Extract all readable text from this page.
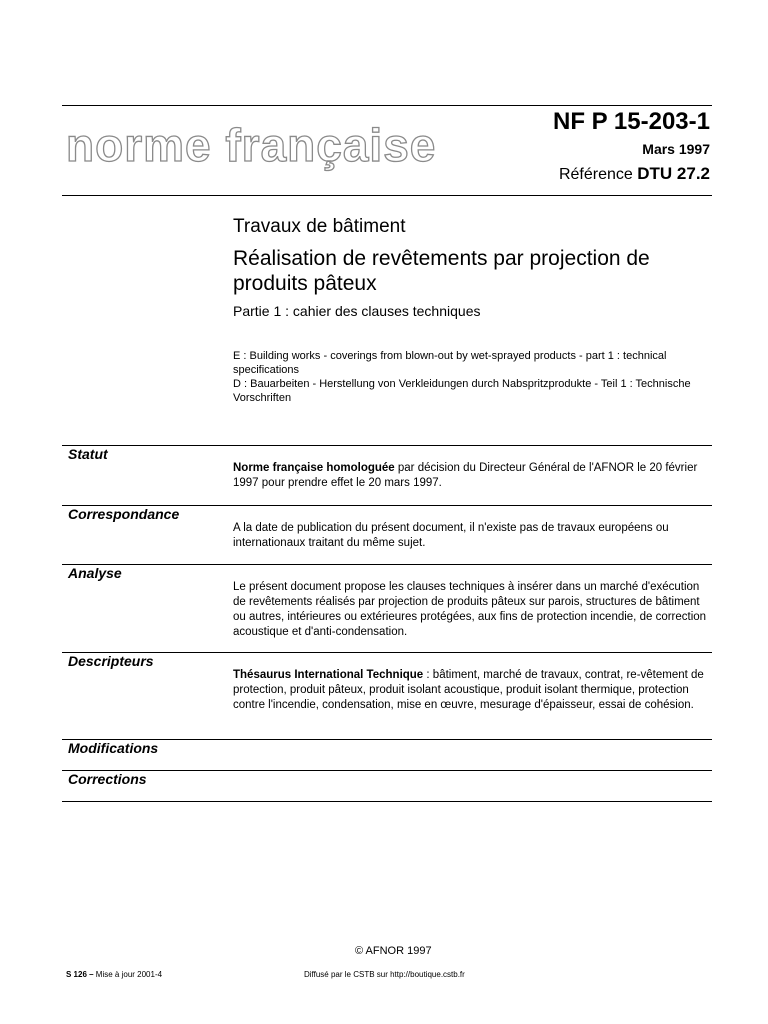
norme française	NF P 15-203-1
Mars 1997
Référence DTU 27.2
Travaux de bâtiment
Réalisation de revêtements par projection de produits pâteux
Partie 1 : cahier des clauses techniques
E : Building works - coverings from blown-out by wet-sprayed products - part 1 : technical specifications
D : Bauarbeiten - Herstellung von Verkleidungen durch Nabspritzprodukte - Teil 1 : Technische Vorschriften
Statut
Norme française homologuée par décision du Directeur Général de l'AFNOR le 20 février 1997 pour prendre effet le 20 mars 1997.
Correspondance
A la date de publication du présent document, il n'existe pas de travaux européens ou internationaux traitant du même sujet.
Analyse
Le présent document propose les clauses techniques à insérer dans un marché d'exécution de revêtements réalisés par projection de produits pâteux sur parois, structures de bâtiment ou autres, intérieures ou extérieures protégées, aux fins de protection incendie, de correction acoustique et d'anti-condensation.
Descripteurs
Thésaurus International Technique : bâtiment, marché de travaux, contrat, re-vêtement de protection, produit pâteux, produit isolant acoustique, produit isolant thermique, protection contre l'incendie, condensation, mise en œuvre, mesurage d'épaisseur, essai de cohésion.
Modifications
Corrections
© AFNOR 1997
S 126 – Mise à jour 2001-4	Diffusé par le CSTB sur http://boutique.cstb.fr
